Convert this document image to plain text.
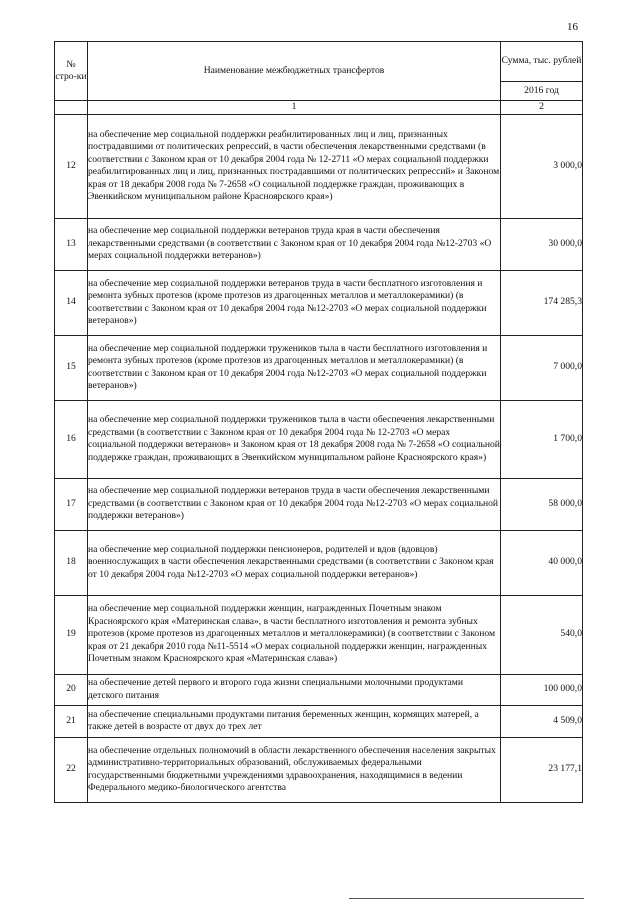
16
№ стро-ки	Наименование межбюджетных трансфертов	Сумма, тыс. рублей
		2016 год
	1	2
12	на обеспечение мер социальной поддержки реабилитированных лиц и лиц, признанных пострадавшими от политических репрессий, в части обеспечения лекарственными средствами (в соответствии с Законом края от 10 декабря 2004 года № 12-2711 «О мерах социальной поддержки реабилитированных лиц и лиц, признанных пострадавшими от политических репрессий» и Законом края от 18 декабря 2008 года № 7-2658 «О социальной поддержке граждан, проживающих в Эвенкийском муниципальном районе Красноярского края»)	3 000,0
13	на обеспечение мер социальной поддержки ветеранов труда края в части обеспечения лекарственными средствами (в соответствии с Законом края от 10 декабря 2004 года №12-2703 «О мерах социальной поддержки ветеранов»)	30 000,0
14	на обеспечение мер социальной поддержки ветеранов труда в части бесплатного изготовления и ремонта зубных протезов (кроме протезов из драгоценных металлов и металлокерамики) (в соответствии с Законом края от 10 декабря 2004 года №12-2703 «О мерах социальной поддержки ветеранов»)	174 285,3
15	на обеспечение мер социальной поддержки тружеников тыла в части бесплатного изготовления и ремонта зубных протезов (кроме протезов из драгоценных металлов и металлокерамики) (в соответствии с Законом края от 10 декабря 2004 года №12-2703 «О мерах социальной поддержки ветеранов»)	7 000,0
16	на обеспечение мер социальной поддержки тружеников тыла в части обеспечения лекарственными средствами (в соответствии с Законом края от 10 декабря 2004 года № 12-2703 «О мерах социальной поддержки ветеранов» и Законом края от 18 декабря 2008 года № 7-2658 «О социальной поддержке граждан, проживающих в Эвенкийском муниципальном районе Красноярского края»)	1 700,0
17	на обеспечение мер социальной поддержки ветеранов труда в части обеспечения лекарственными средствами (в соответствии с Законом края от 10 декабря 2004 года №12-2703 «О мерах социальной поддержки ветеранов»)	58 000,0
18	на обеспечение мер социальной поддержки пенсионеров, родителей и вдов (вдовцов) военнослужащих в части обеспечения лекарственными средствами (в соответствии с Законом края от 10 декабря 2004 года №12-2703 «О мерах социальной поддержки ветеранов»)	40 000,0
19	на обеспечение мер социальной поддержки женщин, награжденных Почетным знаком Красноярского края «Материнская слава», в части бесплатного изготовления и ремонта зубных протезов (кроме протезов из драгоценных металлов и металлокерамики) (в соответствии с Законом края от 21 декабря 2010 года №11-5514 «О мерах социальной поддержки женщин, награжденных Почетным знаком Красноярского края «Материнская слава»)	540,0
20	на обеспечение детей первого и второго года жизни специальными молочными продуктами детского питания	100 000,0
21	на обеспечение специальными продуктами питания беременных женщин, кормящих матерей, а также детей в возрасте от двух до трех лет	4 509,0
22	на обеспечение отдельных полномочий в области лекарственного обеспечения населения закрытых административно-территориальных образований, обслуживаемых федеральными государственными бюджетными учреждениями здравоохранения, находящимися в ведении Федерального медико-биологического агентства	23 177,1
